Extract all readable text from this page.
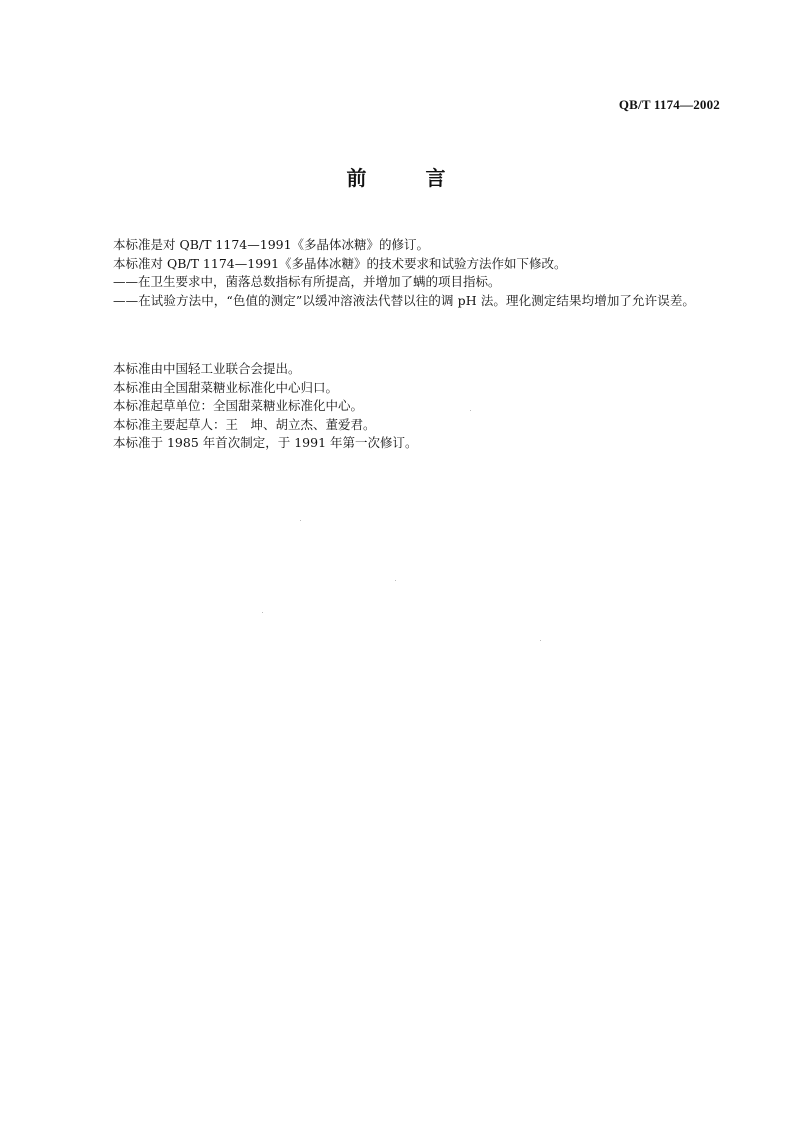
QB/T 1174—2002
前 言

本标准是对 QB/T 1174—1991《多晶体冰糖》的修订。

本标准对 QB/T 1174—1991《多晶体冰糖》的技术要求和试验方法作如下修改。

——在卫生要求中，菌落总数指标有所提高，并增加了螨的项目指标。

——在试验方法中，“色值的测定”以缓冲溶液法代替以往的调 pH 法。理化测定结果均增加了允许误差。

本标准由中国轻工业联合会提出。

本标准由全国甜菜糖业标准化中心归口。

本标准起草单位：全国甜菜糖业标准化中心。

本标准主要起草人：王　坤、胡立杰、董爱君。

本标准于 1985 年首次制定，于 1991 年第一次修订。
